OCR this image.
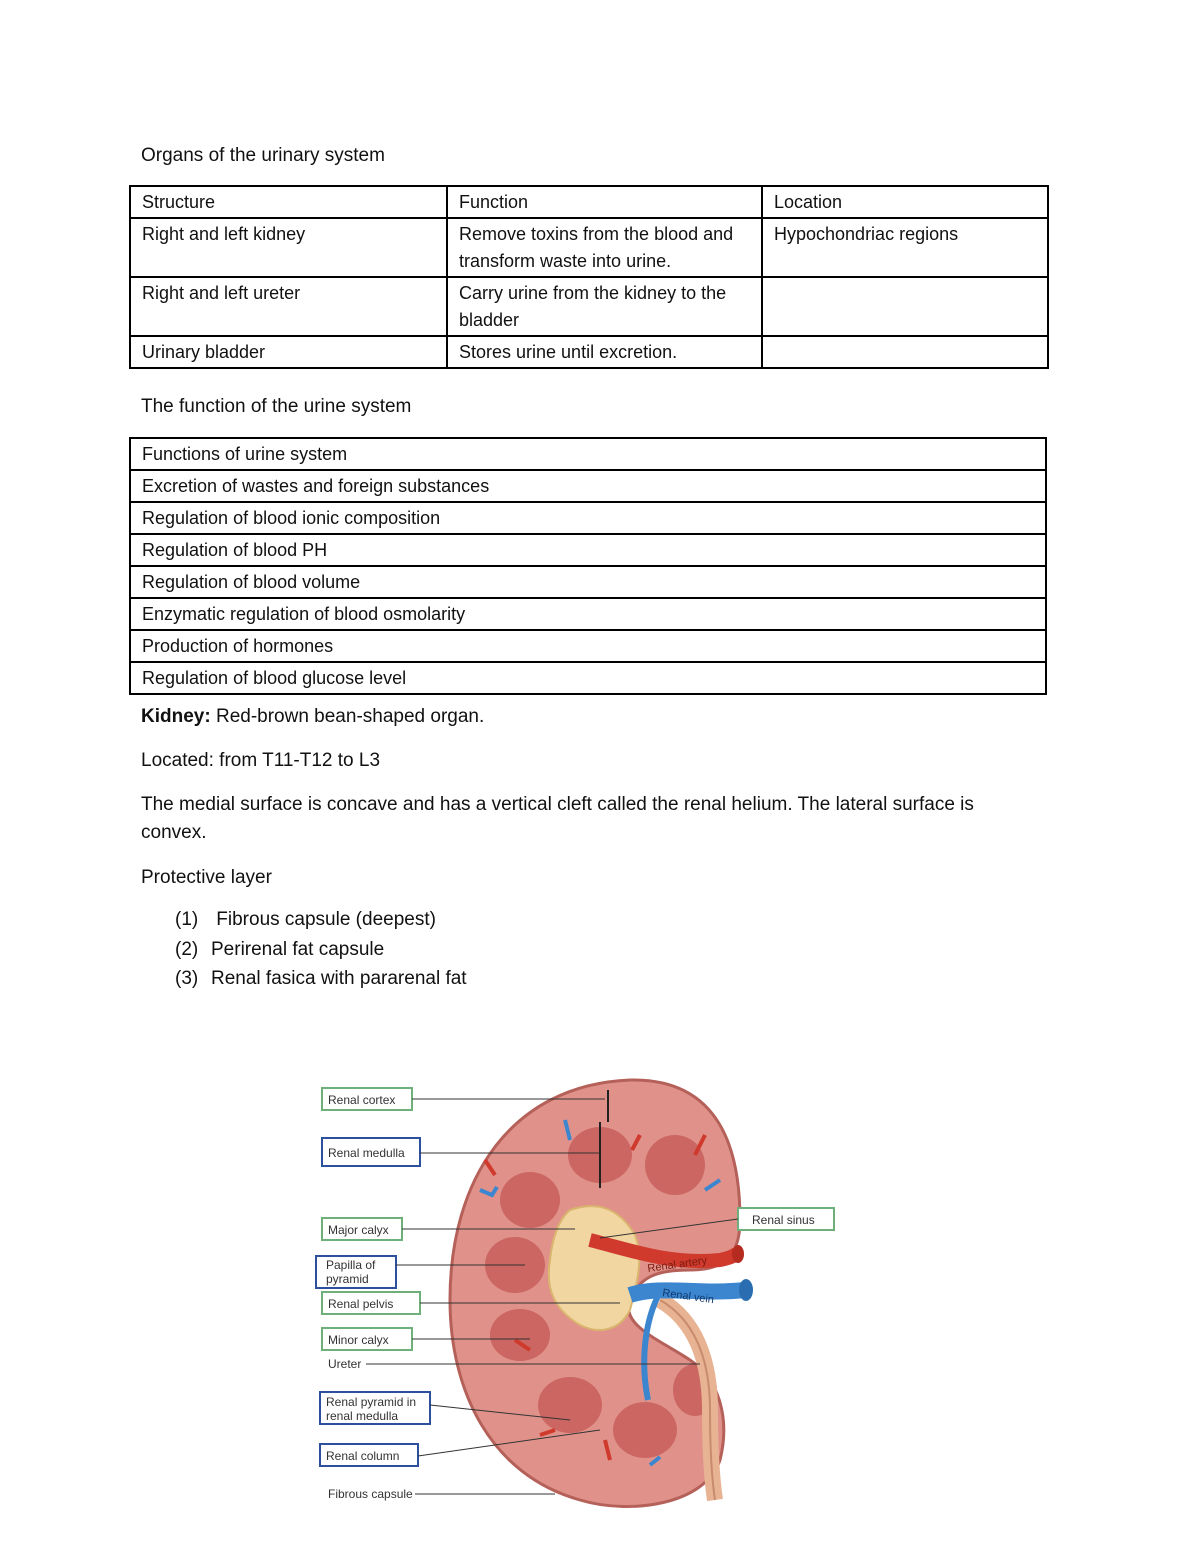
Organs of the urinary system
Structure	Function	Location
Right and left kidney	Remove toxins from the blood and transform waste into urine.	Hypochondriac regions
Right and left ureter	Carry urine from the kidney to the bladder	
Urinary bladder	Stores urine until excretion.	
The function of the urine system
Functions of urine system
Excretion of wastes and foreign substances
Regulation of blood ionic composition
Regulation of blood PH
Regulation of blood volume
Enzymatic regulation of blood osmolarity
Production of hormones
Regulation of blood glucose level
Kidney: Red-brown bean-shaped organ.
Located: from T11-T12 to L3
The medial surface is concave and has a vertical cleft called the renal helium. The lateral surface is convex.
Protective layer
(1) Fibrous capsule (deepest)
(2) Perirenal fat capsule
(3) Renal fasica with pararenal fat
Renal cortex
Renal medulla
Major calyx
Papilla of
pyramid
Renal pelvis
Minor calyx
Ureter
Renal pyramid in
renal medulla
Renal column
Fibrous capsule
Renal sinus
Renal artery
Renal vein
